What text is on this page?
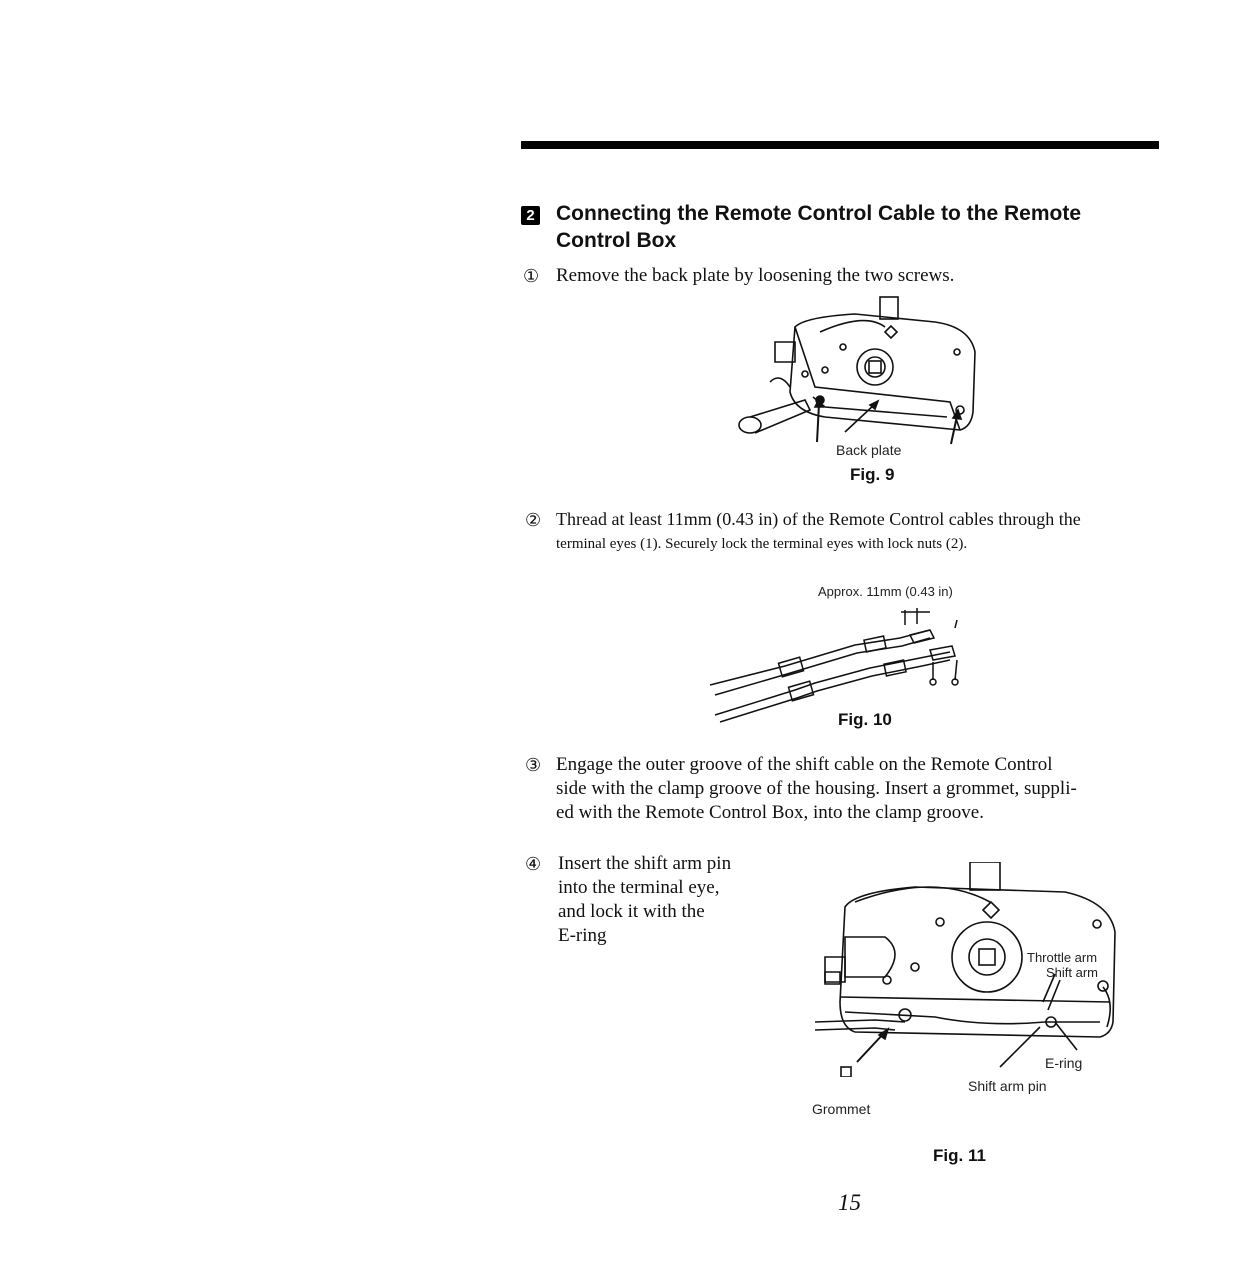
2 Connecting the Remote Control Cable to the Remote
Control Box
① Remove the back plate by loosening the two screws.
Back plate
Fig. 9
② Thread at least 11mm (0.43 in) of the Remote Control cables through the
terminal eyes (1). Securely lock the terminal eyes with lock nuts (2).
Approx. 11mm (0.43 in)
Fig. 10
③ Engage the outer groove of the shift cable on the Remote Control
side with the clamp groove of the housing. Insert a grommet, suppli-
ed with the Remote Control Box, into the clamp groove.
④ Insert the shift arm pin
into the terminal eye,
and lock it with the
E-ring
Throttle arm
Shift arm
E-ring
Shift arm pin
Grommet
Fig. 11
15
